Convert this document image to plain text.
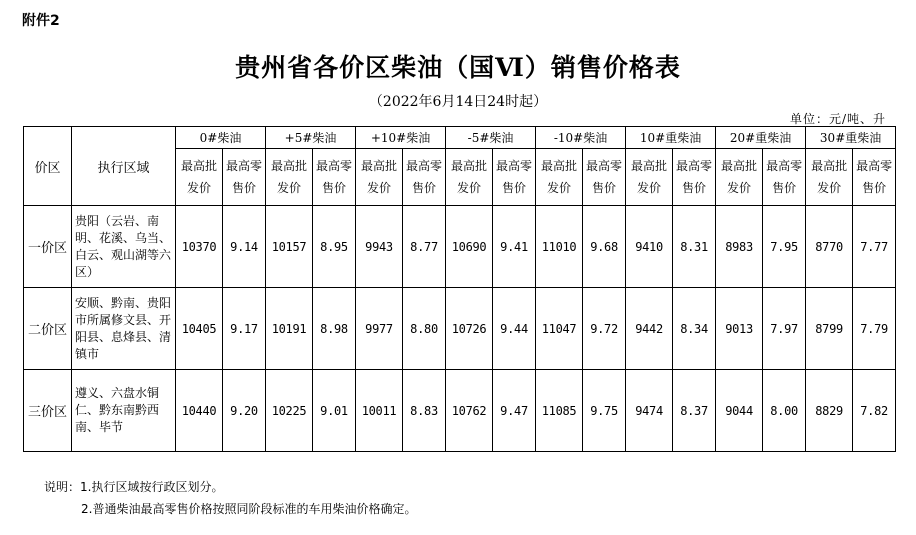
附件2
贵州省各价区柴油（国Ⅵ）销售价格表
（2022年6月14日24时起）
单位：元/吨、升
价区	执行区域	0#柴油		+5#柴油		+10#柴油		-5#柴油		-10#柴油		10#重柴油		20#重柴油		30#重柴油	
		最高批发价	最高零售价	最高批发价	最高零售价	最高批发价	最高零售价	最高批发价	最高零售价	最高批发价	最高零售价	最高批发价	最高零售价	最高批发价	最高零售价	最高批发价	最高零售价
一价区	贵阳（云岩、南明、花溪、乌当、白云、观山湖等六区）	10370	9.14	10157	8.95	9943	8.77	10690	9.41	11010	9.68	9410	8.31	8983	7.95	8770	7.77
二价区	安顺、黔南、贵阳市所属修文县、开阳县、息烽县、清镇市	10405	9.17	10191	8.98	9977	8.80	10726	9.44	11047	9.72	9442	8.34	9013	7.97	8799	7.79
三价区	遵义、六盘水铜仁、黔东南黔西南、毕节	10440	9.20	10225	9.01	10011	8.83	10762	9.47	11085	9.75	9474	8.37	9044	8.00	8829	7.82
说明：1.执行区域按行政区划分。
2.普通柴油最高零售价格按照同阶段标准的车用柴油价格确定。
